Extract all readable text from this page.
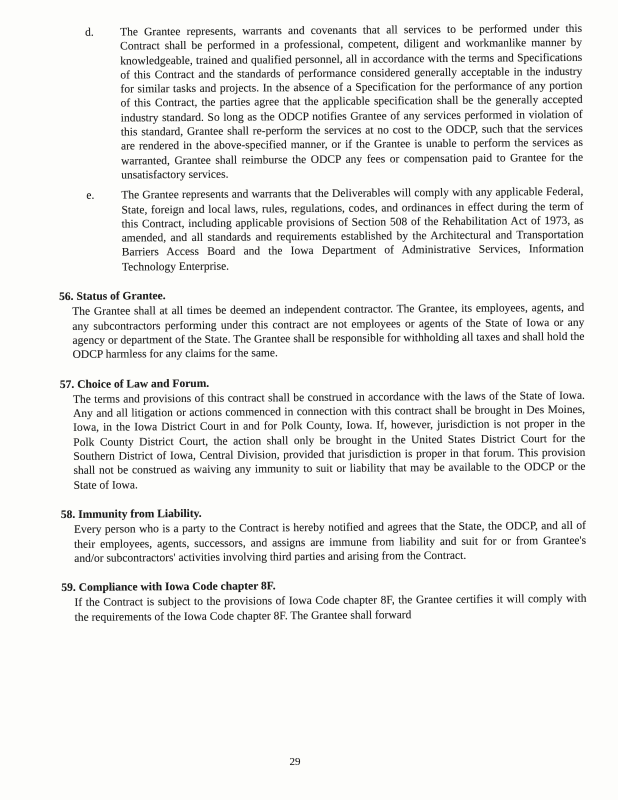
d.	The Grantee represents, warrants and covenants that all services to be performed under this Contract shall be performed in a professional, competent, diligent and workmanlike manner by knowledgeable, trained and qualified personnel, all in accordance with the terms and Specifications of this Contract and the standards of performance considered generally acceptable in the industry for similar tasks and projects. In the absence of a Specification for the performance of any portion of this Contract, the parties agree that the applicable specification shall be the generally accepted industry standard. So long as the ODCP notifies Grantee of any services performed in violation of this standard, Grantee shall re-perform the services at no cost to the ODCP, such that the services are rendered in the above-specified manner, or if the Grantee is unable to perform the services as warranted, Grantee shall reimburse the ODCP any fees or compensation paid to Grantee for the unsatisfactory services.
e.	The Grantee represents and warrants that the Deliverables will comply with any applicable Federal, State, foreign and local laws, rules, regulations, codes, and ordinances in effect during the term of this Contract, including applicable provisions of Section 508 of the Rehabilitation Act of 1973, as amended, and all standards and requirements established by the Architectural and Transportation Barriers Access Board and the Iowa Department of Administrative Services, Information Technology Enterprise.
56. Status of Grantee.
The Grantee shall at all times be deemed an independent contractor. The Grantee, its employees, agents, and any subcontractors performing under this contract are not employees or agents of the State of Iowa or any agency or department of the State. The Grantee shall be responsible for withholding all taxes and shall hold the ODCP harmless for any claims for the same.
57. Choice of Law and Forum.
The terms and provisions of this contract shall be construed in accordance with the laws of the State of Iowa. Any and all litigation or actions commenced in connection with this contract shall be brought in Des Moines, Iowa, in the Iowa District Court in and for Polk County, Iowa. If, however, jurisdiction is not proper in the Polk County District Court, the action shall only be brought in the United States District Court for the Southern District of Iowa, Central Division, provided that jurisdiction is proper in that forum. This provision shall not be construed as waiving any immunity to suit or liability that may be available to the ODCP or the State of Iowa.
58. Immunity from Liability.
Every person who is a party to the Contract is hereby notified and agrees that the State, the ODCP, and all of their employees, agents, successors, and assigns are immune from liability and suit for or from Grantee's and/or subcontractors' activities involving third parties and arising from the Contract.
59. Compliance with Iowa Code chapter 8F.
If the Contract is subject to the provisions of Iowa Code chapter 8F, the Grantee certifies it will comply with the requirements of the Iowa Code chapter 8F. The Grantee shall forward
29
